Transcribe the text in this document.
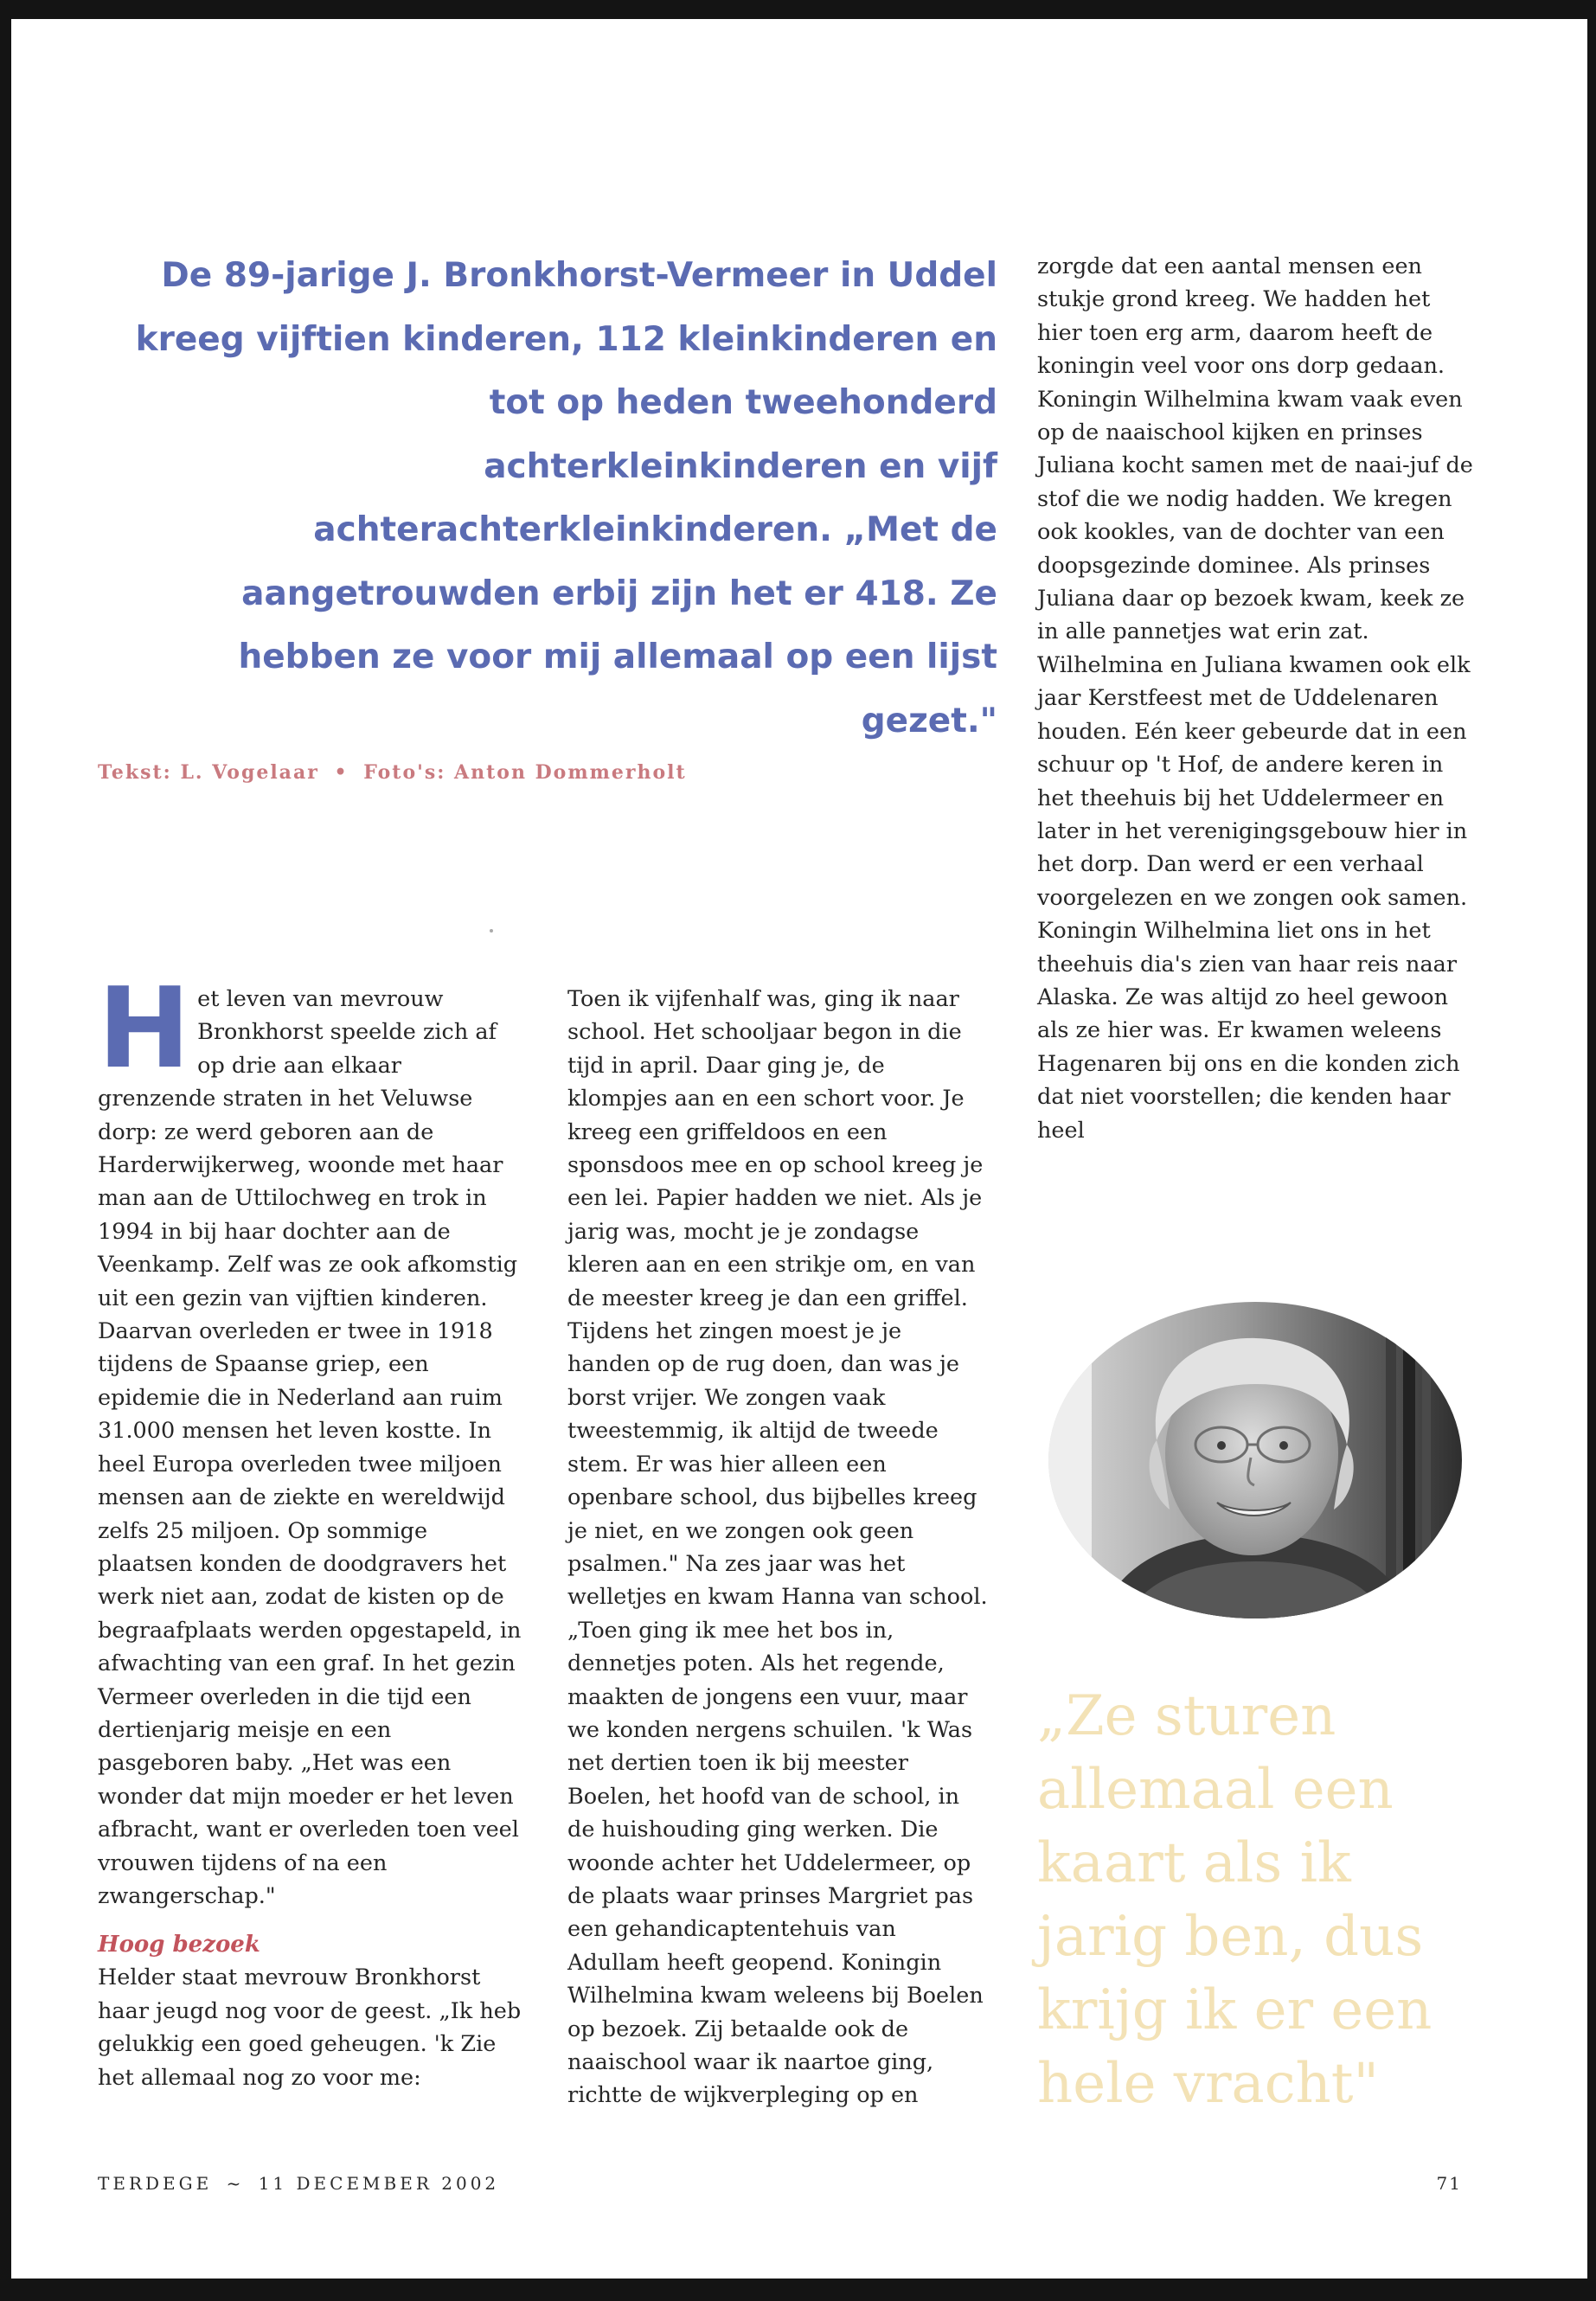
De 89-jarige J. Bronkhorst-Vermeer in Uddel kreeg vijftien kinderen, 112 kleinkinderen en tot op heden tweehonderd achterkleinkinderen en vijf achterachterkleinkinderen. „Met de aangetrouwden erbij zijn het er 418. Ze hebben ze voor mij allemaal op een lijst gezet."

Tekst: L. Vogelaar • Foto's: Anton Dommerholt

Het leven van mevrouw Bronkhorst speelde zich af op drie aan elkaar grenzende straten in het Veluwse dorp: ze werd geboren aan de Harderwijkerweg, woonde met haar man aan de Uttilochweg en trok in 1994 in bij haar dochter aan de Veenkamp. Zelf was ze ook afkomstig uit een gezin van vijftien kinderen. Daarvan overleden er twee in 1918 tijdens de Spaanse griep, een epidemie die in Nederland aan ruim 31.000 mensen het leven kostte. In heel Europa overleden twee miljoen mensen aan de ziekte en wereldwijd zelfs 25 miljoen. Op sommige plaatsen konden de doodgravers het werk niet aan, zodat de kisten op de begraafplaats werden opgestapeld, in afwachting van een graf. In het gezin Vermeer overleden in die tijd een dertienjarig meisje en een pasgeboren baby. „Het was een wonder dat mijn moeder er het leven afbracht, want er overleden toen veel vrouwen tijdens of na een zwangerschap."

Hoog bezoek

Helder staat mevrouw Bronkhorst haar jeugd nog voor de geest. „Ik heb gelukkig een goed geheugen. 'k Zie het allemaal nog zo voor me:

Toen ik vijfenhalf was, ging ik naar school. Het schooljaar begon in die tijd in april. Daar ging je, de klompjes aan en een schort voor. Je kreeg een griffeldoos en een sponsdoos mee en op school kreeg je een lei. Papier hadden we niet. Als je jarig was, mocht je je zondagse kleren aan en een strikje om, en van de meester kreeg je dan een griffel. Tijdens het zingen moest je je handen op de rug doen, dan was je borst vrijer. We zongen vaak tweestemmig, ik altijd de tweede stem. Er was hier alleen een openbare school, dus bijbelles kreeg je niet, en we zongen ook geen psalmen." Na zes jaar was het welletjes en kwam Hanna van school. „Toen ging ik mee het bos in, dennetjes poten. Als het regende, maakten de jongens een vuur, maar we konden nergens schuilen. 'k Was net dertien toen ik bij meester Boelen, het hoofd van de school, in de huishouding ging werken. Die woonde achter het Uddelermeer, op de plaats waar prinses Margriet pas een gehandicaptentehuis van Adullam heeft geopend. Koningin Wilhelmina kwam weleens bij Boelen op bezoek. Zij betaalde ook de naaischool waar ik naartoe ging, richtte de wijkverpleging op en

zorgde dat een aantal mensen een stukje grond kreeg. We hadden het hier toen erg arm, daarom heeft de koningin veel voor ons dorp gedaan.

Koningin Wilhelmina kwam vaak even op de naaischool kijken en prinses Juliana kocht samen met de naai-juf de stof die we nodig hadden. We kregen ook kookles, van de dochter van een doopsgezinde dominee. Als prinses Juliana daar op bezoek kwam, keek ze in alle pannetjes wat erin zat.

Wilhelmina en Juliana kwamen ook elk jaar Kerstfeest met de Uddelenaren houden. Eén keer gebeurde dat in een schuur op 't Hof, de andere keren in het theehuis bij het Uddelermeer en later in het verenigingsgebouw hier in het dorp. Dan werd er een verhaal voorgelezen en we zongen ook samen. Koningin Wilhelmina liet ons in het theehuis dia's zien van haar reis naar Alaska. Ze was altijd zo heel gewoon als ze hier was. Er kwamen weleens Hagenaren bij ons en die konden zich dat niet voorstellen; die kenden haar heel

„Ze sturen allemaal een kaart als ik jarig ben, dus krijg ik er een hele vracht"

TERDEGE ~ 11 DECEMBER 2002	71
